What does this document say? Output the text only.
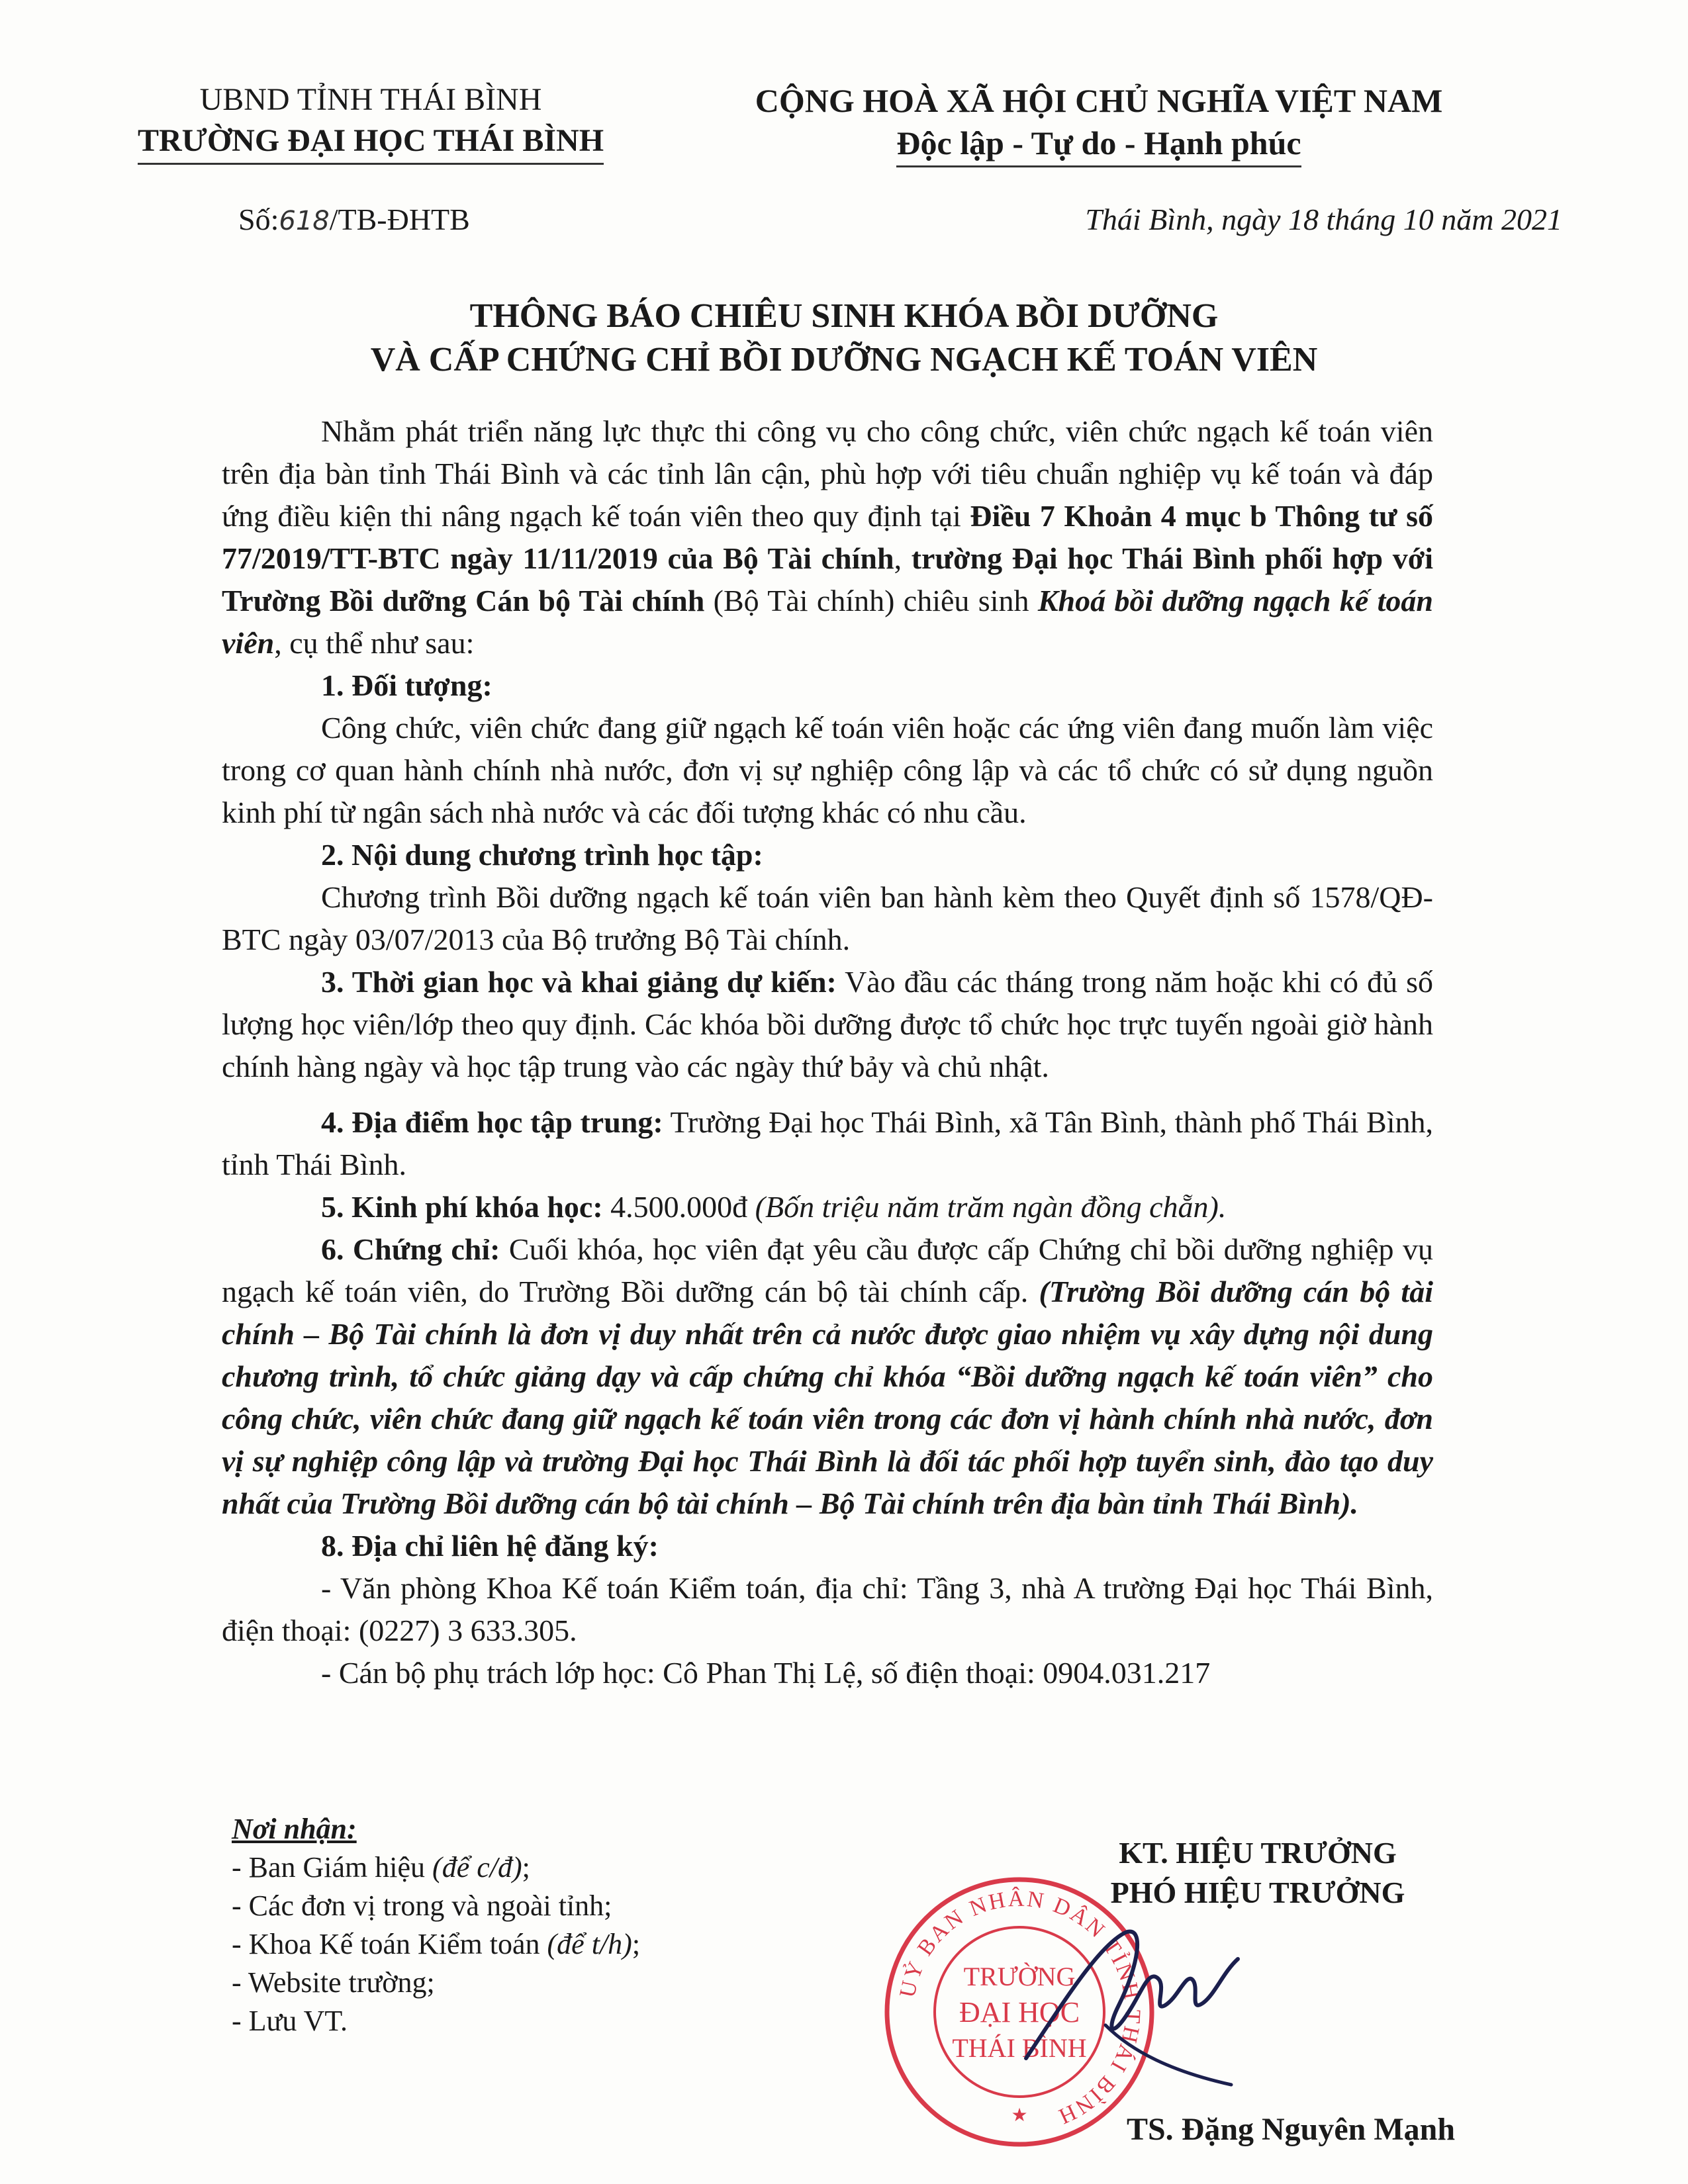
UBND TỈNH THÁI BÌNH
TRƯỜNG ĐẠI HỌC THÁI BÌNH
CỘNG HOÀ XÃ HỘI CHỦ NGHĨA VIỆT NAM
Độc lập - Tự do - Hạnh phúc
Số:618/TB-ĐHTB	Thái Bình, ngày 18 tháng 10 năm 2021
THÔNG BÁO CHIÊU SINH KHÓA BỒI DƯỠNG
VÀ CẤP CHỨNG CHỈ BỒI DƯỠNG NGẠCH KẾ TOÁN VIÊN

Nhằm phát triển năng lực thực thi công vụ cho công chức, viên chức ngạch kế toán viên trên địa bàn tỉnh Thái Bình và các tỉnh lân cận, phù hợp với tiêu chuẩn nghiệp vụ kế toán và đáp ứng điều kiện thi nâng ngạch kế toán viên theo quy định tại Điều 7 Khoản 4 mục b Thông tư số 77/2019/TT-BTC ngày 11/11/2019 của Bộ Tài chính, trường Đại học Thái Bình phối hợp với Trường Bồi dưỡng Cán bộ Tài chính (Bộ Tài chính) chiêu sinh Khoá bồi dưỡng ngạch kế toán viên, cụ thể như sau:

1. Đối tượng:

Công chức, viên chức đang giữ ngạch kế toán viên hoặc các ứng viên đang muốn làm việc trong cơ quan hành chính nhà nước, đơn vị sự nghiệp công lập và các tổ chức có sử dụng nguồn kinh phí từ ngân sách nhà nước và các đối tượng khác có nhu cầu.

2. Nội dung chương trình học tập:

Chương trình Bồi dưỡng ngạch kế toán viên ban hành kèm theo Quyết định số 1578/QĐ-BTC ngày 03/07/2013 của Bộ trưởng Bộ Tài chính.

3. Thời gian học và khai giảng dự kiến: Vào đầu các tháng trong năm hoặc khi có đủ số lượng học viên/lớp theo quy định. Các khóa bồi dưỡng được tổ chức học trực tuyến ngoài giờ hành chính hàng ngày và học tập trung vào các ngày thứ bảy và chủ nhật.

4. Địa điểm học tập trung: Trường Đại học Thái Bình, xã Tân Bình, thành phố Thái Bình, tỉnh Thái Bình.

5. Kinh phí khóa học: 4.500.000đ (Bốn triệu năm trăm ngàn đồng chẵn).

6. Chứng chỉ: Cuối khóa, học viên đạt yêu cầu được cấp Chứng chỉ bồi dưỡng nghiệp vụ ngạch kế toán viên, do Trường Bồi dưỡng cán bộ tài chính cấp. (Trường Bồi dưỡng cán bộ tài chính – Bộ Tài chính là đơn vị duy nhất trên cả nước được giao nhiệm vụ xây dựng nội dung chương trình, tổ chức giảng dạy và cấp chứng chỉ khóa “Bồi dưỡng ngạch kế toán viên” cho công chức, viên chức đang giữ ngạch kế toán viên trong các đơn vị hành chính nhà nước, đơn vị sự nghiệp công lập và trường Đại học Thái Bình là đối tác phối hợp tuyển sinh, đào tạo duy nhất của Trường Bồi dưỡng cán bộ tài chính – Bộ Tài chính trên địa bàn tỉnh Thái Bình).

8. Địa chỉ liên hệ đăng ký:

- Văn phòng Khoa Kế toán Kiểm toán, địa chỉ: Tầng 3, nhà A trường Đại học Thái Bình, điện thoại: (0227) 3 633.305.

- Cán bộ phụ trách lớp học: Cô Phan Thị Lệ, số điện thoại: 0904.031.217

Nơi nhận:
- Ban Giám hiệu (để c/đ);
- Các đơn vị trong và ngoài tỉnh;
- Khoa Kế toán Kiểm toán (để t/h);
- Website trường;
- Lưu VT.
KT. HIỆU TRƯỞNG
PHÓ HIỆU TRƯỞNG
UỶ BAN NHÂN DÂN TỈNH THÁI BÌNH
TRƯỜNG
ĐẠI HỌC
THÁI BÌNH
★	TS. Đặng Nguyên Mạnh
